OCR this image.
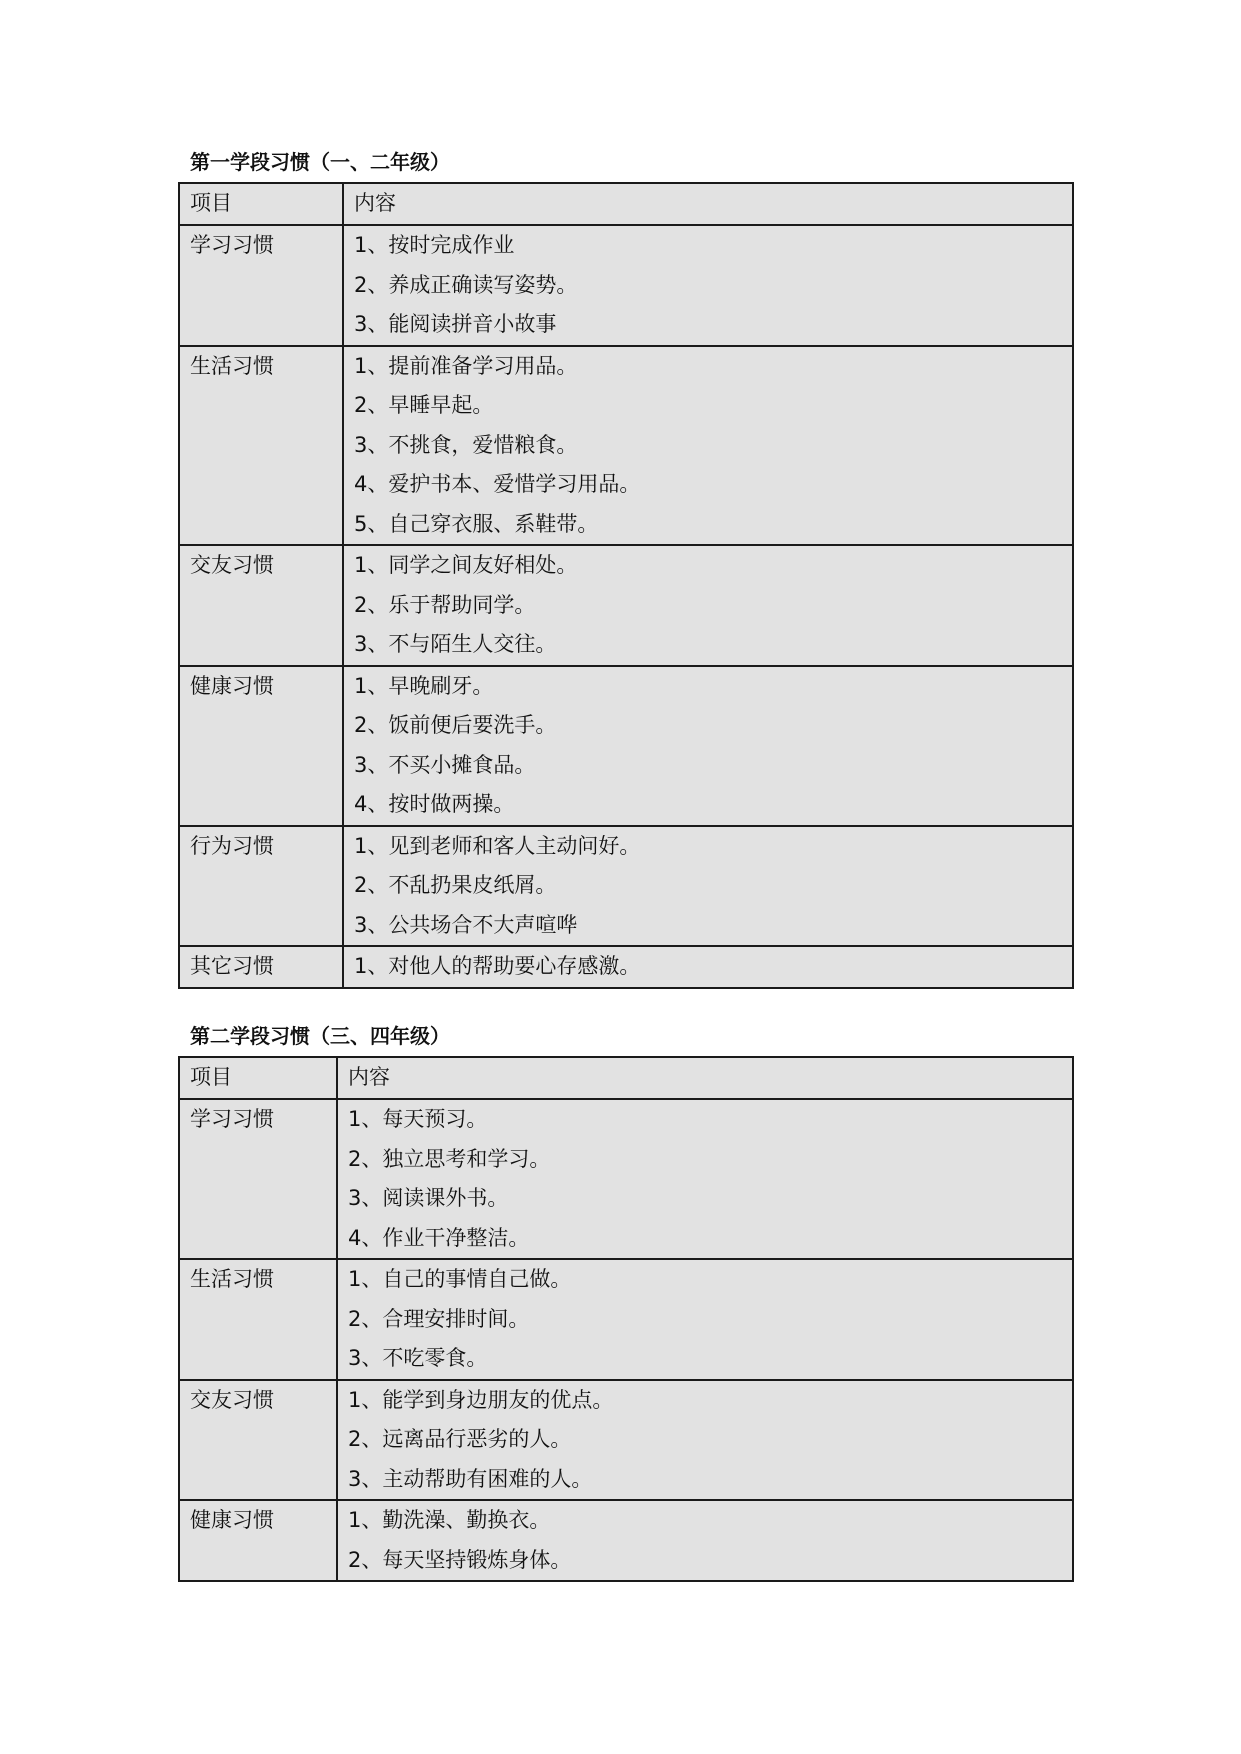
第一学段习惯（一、二年级）
项目	内容
学习习惯	1、按时完成作业
2、养成正确读写姿势。
3、能阅读拼音小故事

生活习惯	1、提前准备学习用品。
2、早睡早起。
3、不挑食，爱惜粮食。
4、爱护书本、爱惜学习用品。
5、自己穿衣服、系鞋带。

交友习惯	1、同学之间友好相处。
2、乐于帮助同学。
3、不与陌生人交往。

健康习惯	1、早晚刷牙。
2、饭前便后要洗手。
3、不买小摊食品。
4、按时做两操。

行为习惯	1、见到老师和客人主动问好。
2、不乱扔果皮纸屑。
3、公共场合不大声喧哗

其它习惯	1、对他人的帮助要心存感激。
第二学段习惯（三、四年级）
项目	内容
学习习惯	1、每天预习。
2、独立思考和学习。
3、阅读课外书。
4、作业干净整洁。

生活习惯	1、自己的事情自己做。
2、合理安排时间。
3、不吃零食。

交友习惯	1、能学到身边朋友的优点。
2、远离品行恶劣的人。
3、主动帮助有困难的人。

健康习惯	1、勤洗澡、勤换衣。
2、每天坚持锻炼身体。
